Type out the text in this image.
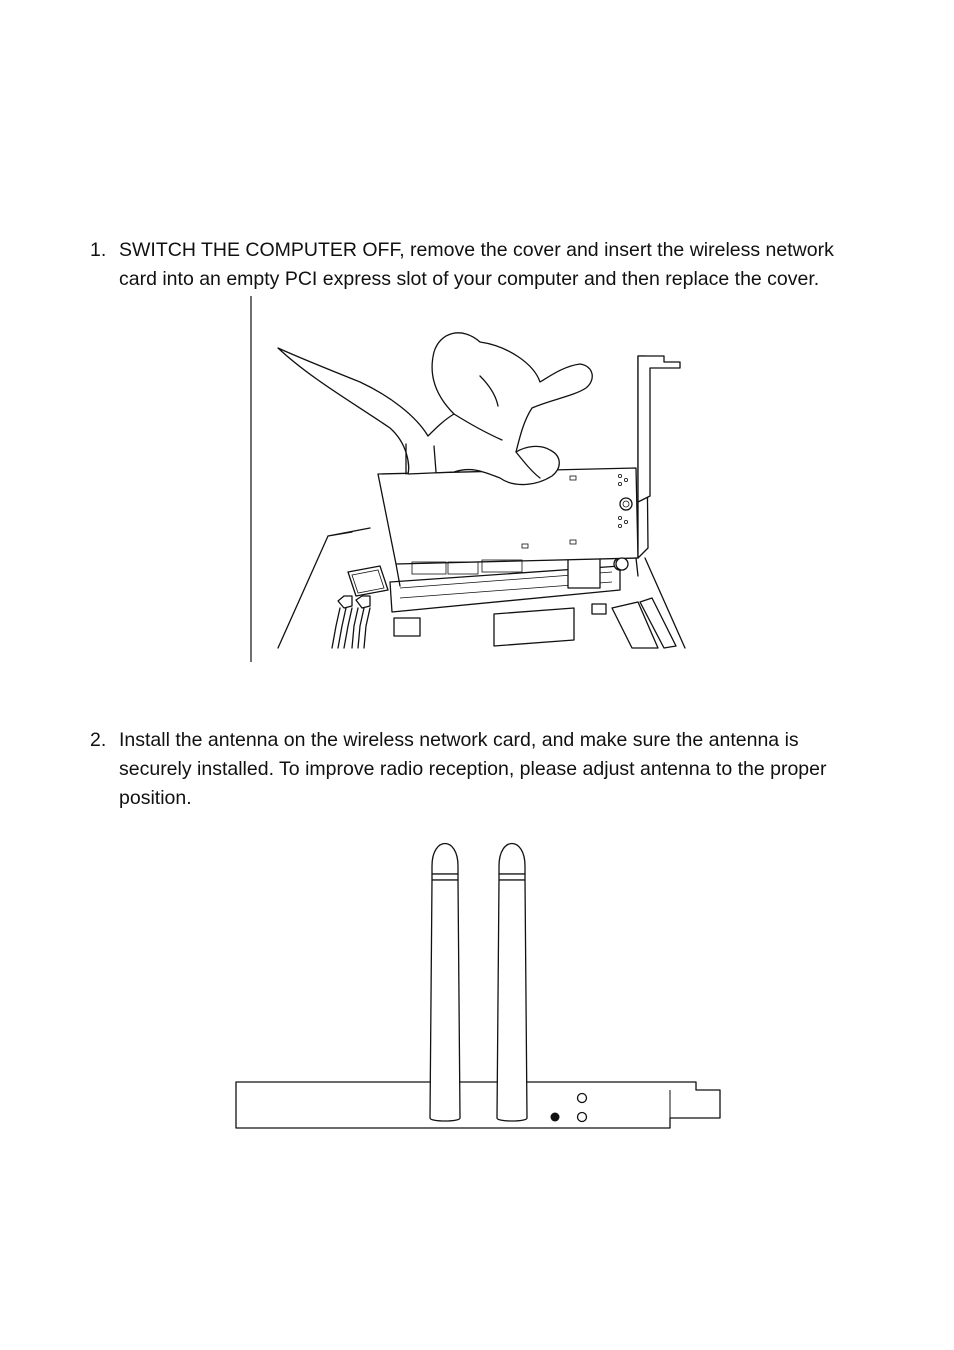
1. SWITCH THE COMPUTER OFF, remove the cover and insert the wireless network card into an empty PCI express slot of your computer and then replace the cover.
2. Install the antenna on the wireless network card, and make sure the antenna is securely installed. To improve radio reception, please adjust antenna to the proper position.
